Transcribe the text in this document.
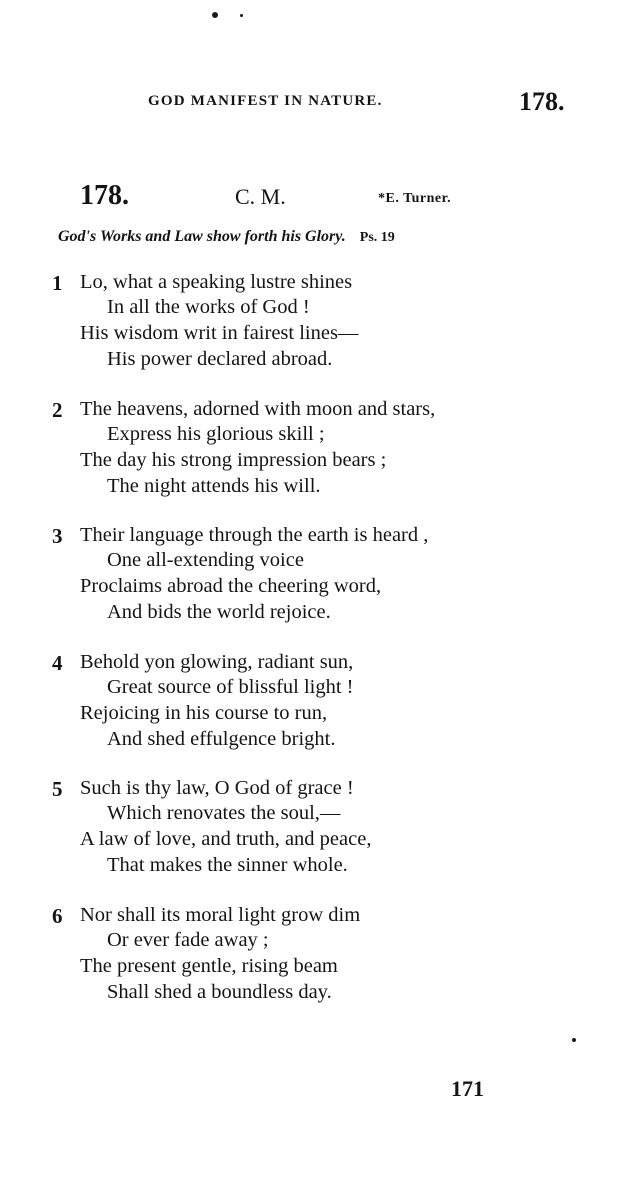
GOD MANIFEST IN NATURE.	178.
178.	C. M.	*E. Turner.
God's Works and Law show forth his Glory. Ps. 19
1 Lo, what a speaking lustre shines
In all the works of God !
His wisdom writ in fairest lines—
His power declared abroad.
2 The heavens, adorned with moon and stars,
Express his glorious skill ;
The day his strong impression bears ;
The night attends his will.
3 Their language through the earth is heard ,
One all-extending voice
Proclaims abroad the cheering word,
And bids the world rejoice.
4 Behold yon glowing, radiant sun,
Great source of blissful light !
Rejoicing in his course to run,
And shed effulgence bright.
5 Such is thy law, O God of grace !
Which renovates the soul,—
A law of love, and truth, and peace,
That makes the sinner whole.
6 Nor shall its moral light grow dim
Or ever fade away ;
The present gentle, rising beam
Shall shed a boundless day.
171
